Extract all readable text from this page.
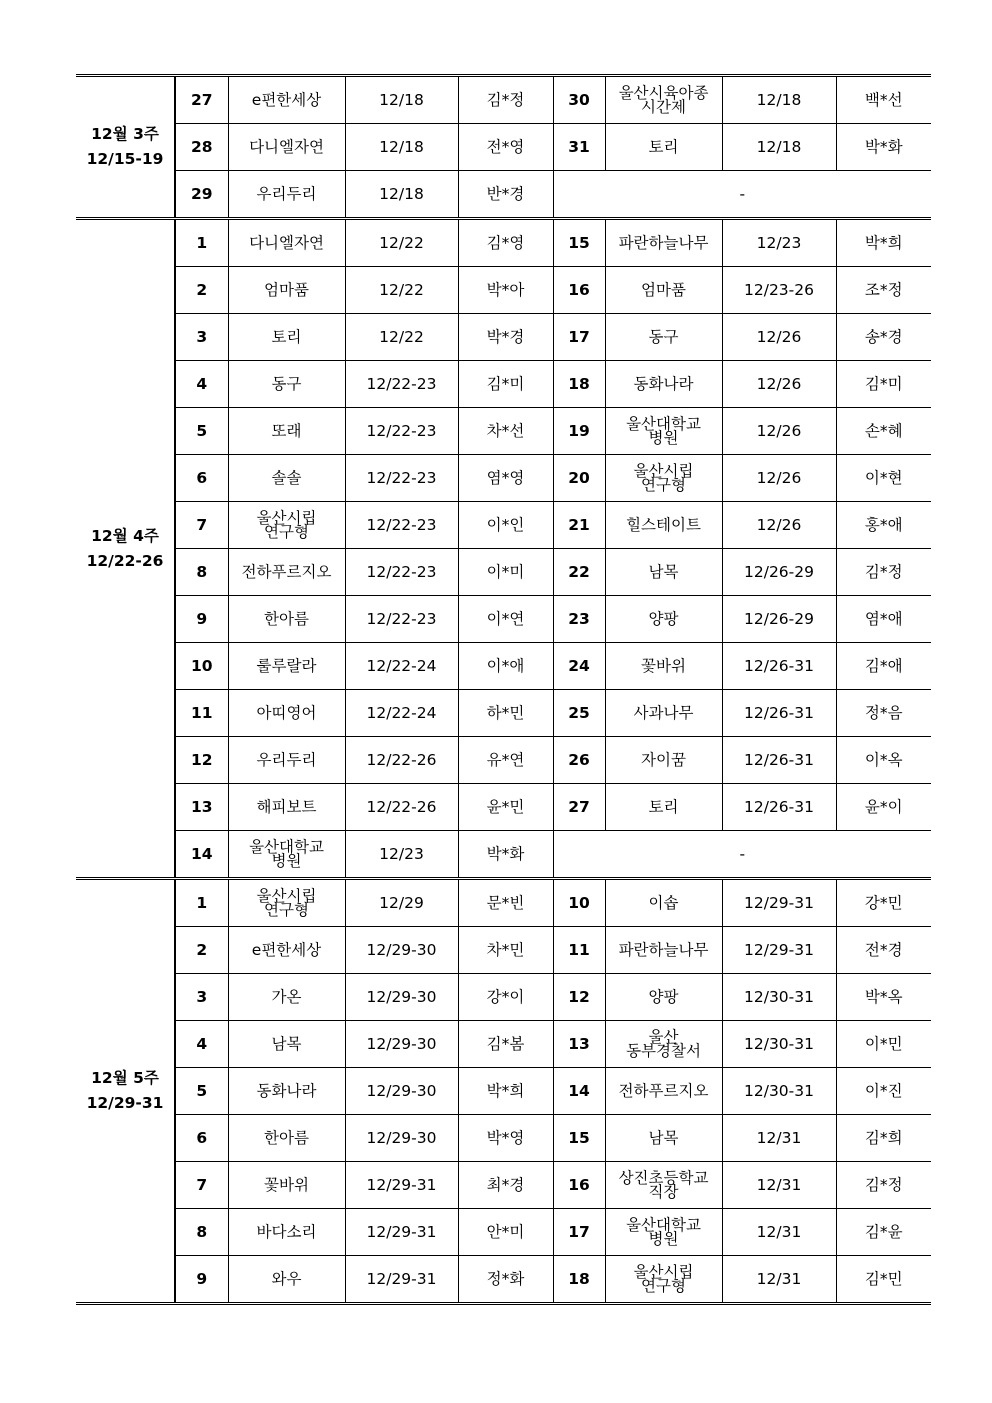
12월 3주
12/15-19	27	e편한세상	12/18	김*정	30	울산시육아종
시간제	12/18	백*선
	28	다니엘자연	12/18	전*영	31	토리	12/18	박*화
	29	우리두리	12/18	반*경	-			

12월 4주
12/22-26	1	다니엘자연	12/22	김*영	15	파란하늘나무	12/23	박*희
	2	엄마품	12/22	박*아	16	엄마품	12/23-26	조*정
	3	토리	12/22	박*경	17	동구	12/26	송*경
	4	동구	12/22-23	김*미	18	동화나라	12/26	김*미
	5	또래	12/22-23	차*선	19	울산대학교
병원	12/26	손*혜
	6	솔솔	12/22-23	염*영	20	울산시립
연구형	12/26	이*현
	7	울산시립
연구형	12/22-23	이*인	21	힐스테이트	12/26	홍*애
	8	전하푸르지오	12/22-23	이*미	22	남목	12/26-29	김*정
	9	한아름	12/22-23	이*연	23	양팡	12/26-29	염*애
	10	룰루랄라	12/22-24	이*애	24	꽃바위	12/26-31	김*애
	11	아띠영어	12/22-24	하*민	25	사과나무	12/26-31	정*음
	12	우리두리	12/22-26	유*연	26	자이꿈	12/26-31	이*옥
	13	해피보트	12/22-26	윤*민	27	토리	12/26-31	윤*이
	14	울산대학교
병원	12/23	박*화	-			

12월 5주
12/29-31	1	울산시립
연구형	12/29	문*빈	10	이솝	12/29-31	강*민
	2	e편한세상	12/29-30	차*민	11	파란하늘나무	12/29-31	전*경
	3	가온	12/29-30	강*이	12	양팡	12/30-31	박*옥
	4	남목	12/29-30	김*봄	13	울산
동부경찰서	12/30-31	이*민
	5	동화나라	12/29-30	박*희	14	전하푸르지오	12/30-31	이*진
	6	한아름	12/29-30	박*영	15	남목	12/31	김*희
	7	꽃바위	12/29-31	최*경	16	상진초등학교
직장	12/31	김*정
	8	바다소리	12/29-31	안*미	17	울산대학교
병원	12/31	김*윤
	9	와우	12/29-31	정*화	18	울산시립
연구형	12/31	김*민
